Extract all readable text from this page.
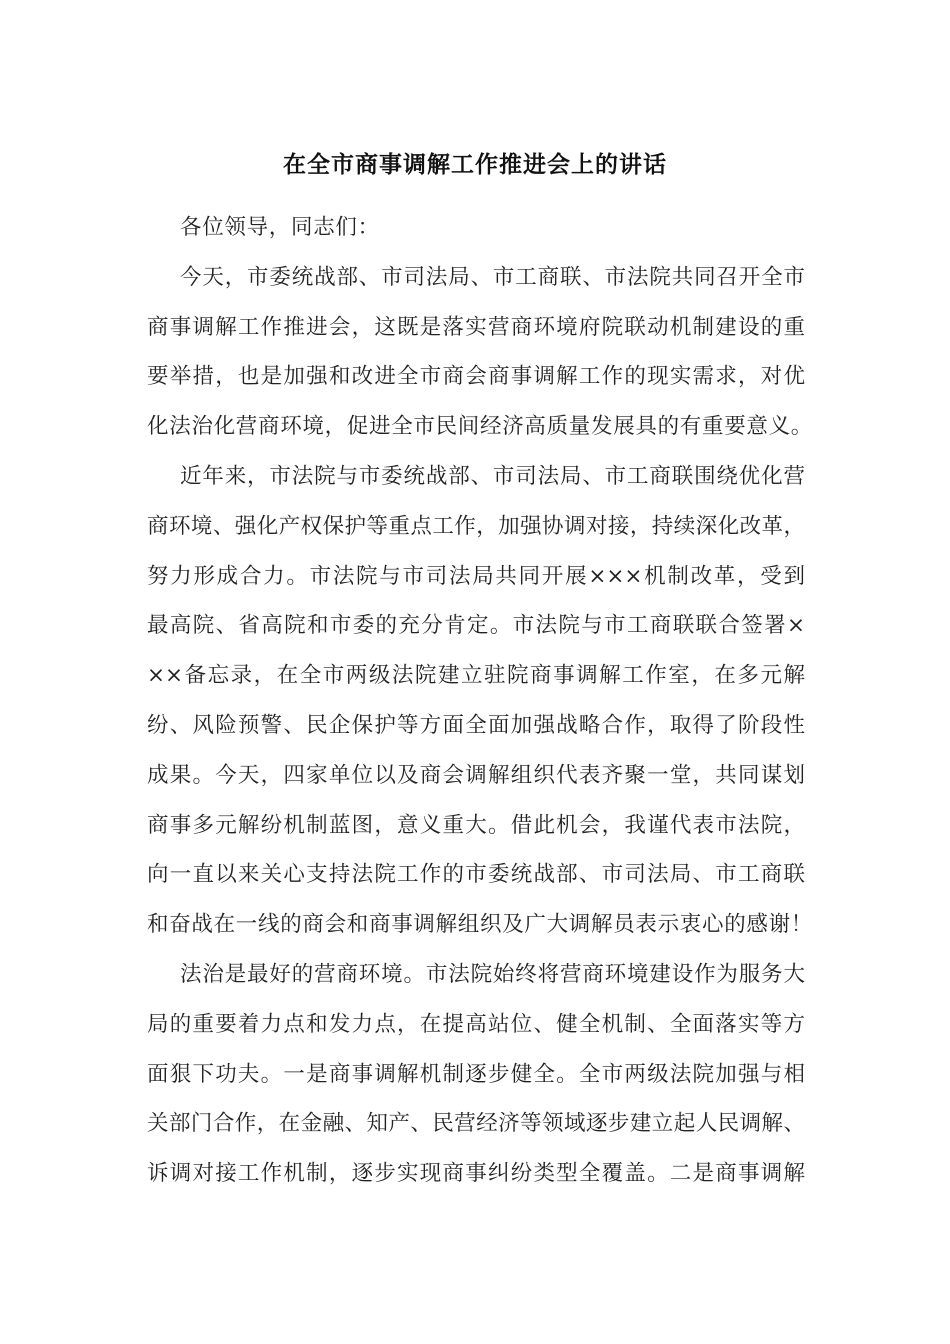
在全市商事调解工作推进会上的讲话
各位领导，同志们：
今天，市委统战部、市司法局、市工商联、市法院共同召开全市
商事调解工作推进会，这既是落实营商环境府院联动机制建设的重
要举措，也是加强和改进全市商会商事调解工作的现实需求，对优
化法治化营商环境，促进全市民间经济高质量发展具的有重要意义。
近年来，市法院与市委统战部、市司法局、市工商联围绕优化营
商环境、强化产权保护等重点工作，加强协调对接，持续深化改革，
努力形成合力。市法院与市司法局共同开展×××机制改革，受到
最高院、省高院和市委的充分肯定。市法院与市工商联联合签署×
××备忘录，在全市两级法院建立驻院商事调解工作室，在多元解
纷、风险预警、民企保护等方面全面加强战略合作，取得了阶段性
成果。今天，四家单位以及商会调解组织代表齐聚一堂，共同谋划
商事多元解纷机制蓝图，意义重大。借此机会，我谨代表市法院，
向一直以来关心支持法院工作的市委统战部、市司法局、市工商联
和奋战在一线的商会和商事调解组织及广大调解员表示衷心的感谢！
法治是最好的营商环境。市法院始终将营商环境建设作为服务大
局的重要着力点和发力点，在提高站位、健全机制、全面落实等方
面狠下功夫。一是商事调解机制逐步健全。全市两级法院加强与相
关部门合作，在金融、知产、民营经济等领域逐步建立起人民调解、
诉调对接工作机制，逐步实现商事纠纷类型全覆盖。二是商事调解
